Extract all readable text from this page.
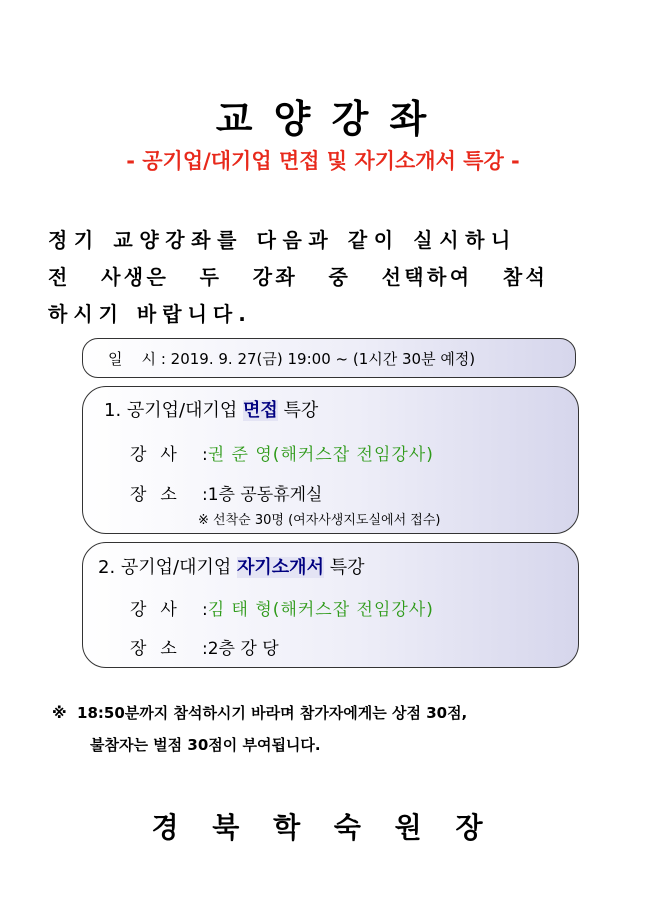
교 양 강 좌
- 공기업/대기업 면접 및 자기소개서 특강 -
정기 교양강좌를 다음과 같이 실시하니
전 사생은 두 강좌 중 선택하여 참석
하시기 바랍니다.
일    시 : 2019. 9. 27(금) 19:00 ~ (1시간 30분 예정)
1. 공기업/대기업 면접 특강
강사 :권 준 영(해커스잡 전임강사)
장소 :1층 공동휴게실
※ 선착순 30명 (여자사생지도실에서 접수)
2. 공기업/대기업 자기소개서 특강
강사 :김 태 형(해커스잡 전임강사)
장소 :2층 강 당
※  18:50분까지 참석하시기 바라며 참가자에게는 상점 30점,
불참자는 벌점 30점이 부여됩니다.
경 북 학 숙 원 장
